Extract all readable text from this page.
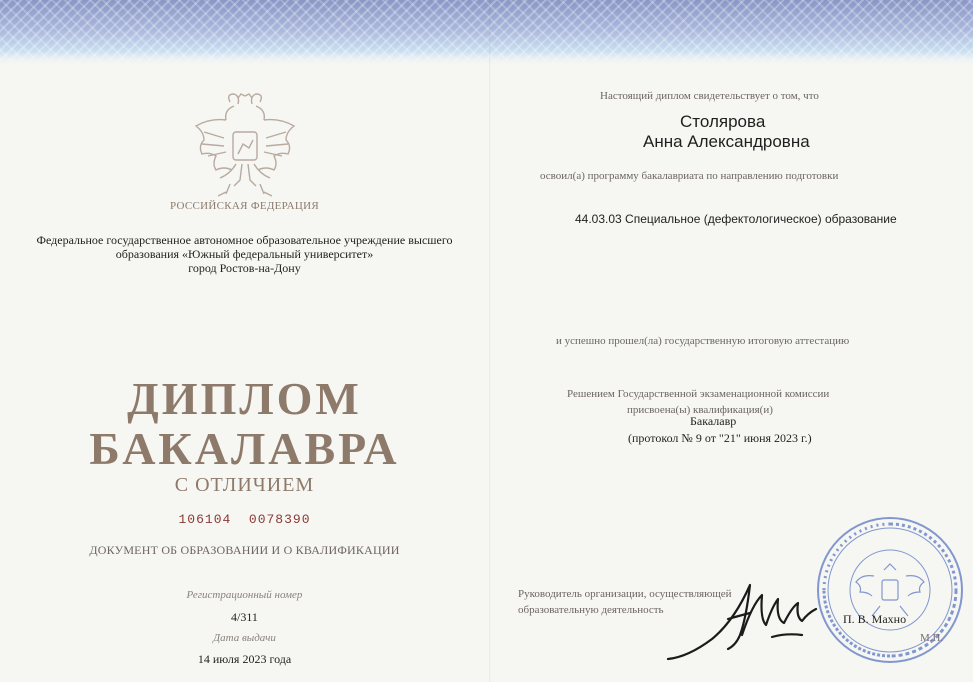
РОССИЙСКАЯ ФЕДЕРАЦИЯ
Федеральное государственное автономное образовательное учреждение высшего
образования «Южный федеральный университет»
город Ростов-на-Дону
ДИПЛОМ
БАКАЛАВРА
С ОТЛИЧИЕМ
106104  0078390
ДОКУМЕНТ ОБ ОБРАЗОВАНИИ И О КВАЛИФИКАЦИИ
Регистрационный номер
4/311
Дата выдачи
14 июля 2023 года
Настоящий диплом свидетельствует о том, что
Столярова
Анна Александровна
освоил(а) программу бакалавриата по направлению подготовки
44.03.03 Специальное (дефектологическое) образование
и успешно прошел(ла) государственную итоговую аттестацию
Решением Государственной экзаменационной комиссии
присвоена(ы) квалификация(и)
Бакалавр
(протокол № 9 от "21" июня 2023 г.)
Руководитель организации, осуществляющей образовательную деятельность
П. В. Махно
М.П.
